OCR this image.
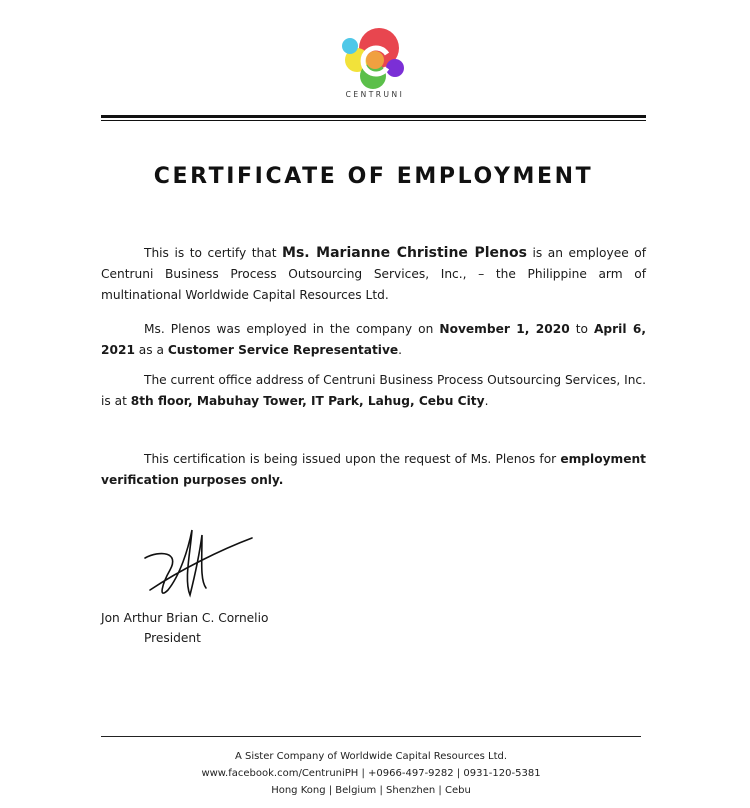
CENTRUNI
CERTIFICATE OF EMPLOYMENT
This is to certify that Ms. Marianne Christine Plenos is an employee of Centruni Business Process Outsourcing Services, Inc., – the Philippine arm of multinational Worldwide Capital Resources Ltd.
Ms. Plenos was employed in the company on November 1, 2020 to April 6, 2021 as a Customer Service Representative.
The current office address of Centruni Business Process Outsourcing Services, Inc. is at 8th floor, Mabuhay Tower, IT Park, Lahug, Cebu City.
This certification is being issued upon the request of Ms. Plenos for employment verification purposes only.
Jon Arthur Brian C. Cornelio
President
A Sister Company of Worldwide Capital Resources Ltd.
www.facebook.com/CentruniPH | +0966-497-9282 | 0931-120-5381
Hong Kong | Belgium | Shenzhen | Cebu
